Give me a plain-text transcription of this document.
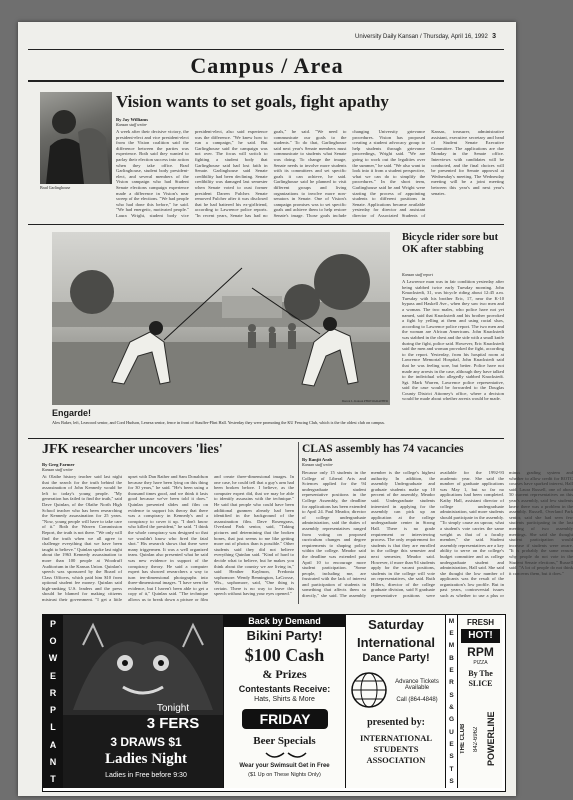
University Daily Kansan / Thursday, April 16, 1992 3
Campus / Area
Brad Garlinghouse
Vision wants to set goals, fight apathy
By Jay Williams
Kansan staff writer
A week after their decisive victory, the president-elect and vice president-elect from the Vision coalition said the difference between the parties was experience. Both said they wanted to parlay their election success into action when they take office. Brad Garlinghouse, student body president-elect, and several members of the Vision campaign who had Student Senate elections campaign experience made a difference in Vision's near sweep of the elections. "We had people who had done this before," he said. "We had energetic, motivated people." Laura Wright, student body vice president-elect, also said experience was the difference. "We knew how to run a campaign," he said. But Garlinghouse said the campaign was not over. The focus will switch to fighting a student body that Garlinghouse said had lost faith in Senate. Garlinghouse said Senate credibility had been declining. Senate credibility was damaged last semester when Senate voted to oust former president Darren Fulcher. Senate removed Fulcher after it was disclosed that he had battered his ex-girlfriend, according to Lawrence police reports. "In recent years, Senate has had no goals," he said. "We need to communicate our goals to the students." To do that, Garlinghouse said next year's Senate members must communicate to students what Senate was doing. To change the image, Senate needs to involve more students with its committees and set specific goals it can achieve, he said. Garlinghouse said he planned to visit different groups and living organizations to involve more non-senators in Senate. One of Vision's campaign promises was to set specific goals and achieve them to help restore Senate's image. Those goals include changing University grievance procedures. Vision has proposed creating a student advocacy group to help students through grievance proceedings, Wright said. "We are going to work out the legalities over the summer," he said. "We also want to look into it from a student perspective, what we can do to simplify the procedures." In the short term, Garlinghouse said he and Wright were starting the process of appointing students to different positions in Senate. Applications became available yesterday for director and assistant director of Associated Students of Kansas, treasurer, administrative assistant, executive secretary and head of Student Senate Executive Committee. The applications are due Monday in the Senate office. Interviews with candidates will be conducted, and the final choices will be presented for Senate approval at Wednesday's meeting. The Wednesday meeting will be a joint meeting between this year's and next year's senates.
Darren L. Kansan PHOTOGRAPHER
Engarde!
Alex Baker, left, Leawood senior, and Cord Hudson, Lenexa senior, fence in front of Stauffer-Flint Hall. Yesterday they were promoting the KU Fencing Club, which is the the oldest club on campus.
Bicycle rider sore but OK after stabbing
Kansan staff report
A Lawrence man was in fair condition yesterday after being stabbed twice early Tuesday morning. John Kmackstedt, 31, was bicycle riding about 12:45 a.m. Tuesday with his brother Eric, 17, near the K-10 bypass and Haskell Ave., when they saw two men and a woman. The two males, who police have not yet named, said that Knackstedt and his brother provoked a fight by yelling at them and using racial slurs, according to Lawrence police report. The two men and the woman are African Americans. John Knackstedt was stabbed in the chest and the side with a small knife during the fight, police said. However, Eric Knackstedt said the men and woman provoked the fight, according to the report. Yesterday, from his hospital room at Lawrence Memorial Hospital, John Knackstedt said that he was feeling sore, but better. Police have not made any arrests in the case, although they have talked to the individual who allegedly stabbed Knackstedt. Sgt. Mark Warren, Lawrence police representative, said the case would be forwarded to the Douglas County District Attorney's office, where a decision would be made about whether arrests would be made.
JFK researcher uncovers 'lies'
By Greg Farmer
Kansan staff writer
At Olathe history teacher said last night that the search for the truth behind the assassination of John Kennedy would be left to today's young people. "My generation has failed to find the truth," said Dave Quinlan, of the Olathe North High School teacher who has been researching the Kennedy assassination for 25 years. "Now, young people will have to take care of it." Both the Warren Commission Report, the truth is not there. "We only will find the truth when we all agree to challenge everything that we have been taught to believe." Quinlan spoke last night about the 1963 Kennedy assassination to more than 100 people at Woodruff Auditorium in the Kansas Union. Quinlan's speech was sponsored by the Board of Class Officers, which paid him $10 from optional student fee money. Quinlan said high-ranking U.S. leaders and the press should be blamed for making citizens mistrust their government. "I get a little upset with Dan Rather and Sam Donaldson because they have been lying on this thing for 30 years," he said. "He's been using a thousand times good, and we think it lasts good because we've been told it does." Quinlan presented slides and film on evidence to support his theory that there was a conspiracy in Kennedy's and a conspiracy to cover it up. "I don't know who killed the president," he said. "I think the whole conspiracy was designed so that we wouldn't know who fired the fatal shot." His research shows that there were many triggermen. It was a well organized team. Quinlan also presented what he said was new evidence in support of the conspiracy theory. He said a computer expert has showed researchers a way to turn ten-dimensional photographs into three-dimensional images. "I have seen the evidence, but I haven't been able to get a copy of it," Quinlan said. "The technique allows us to break down a picture or film and create three-dimensional images. In one case, he could tell that a guy's arm had been broken before. I believe, as the computer expert did, that we may be able to identify assassins with the technique." He said that people who could have been additional gunmen already had been identified in the background of the assassination film. Dave Rosengrass, Overland Park senior, said, "Taking pictures and determining that the broken bones, that just seems to me like getting more out of photos than is possible." Other students said they did not believe everything Quinlan said. "Kind of hard to decide what to believe, but he makes you think about the country we are living in," said Heather Kaylmon, Fredonia sophomore. Wendy Bennington, LaCrosse, Wis., sophomore, said, "One thing is certain. There is no way to leave this speech without having your eyes opened."
CLAS assembly has 74 vacancies
By Ranjit Arab
Kansan staff writer
Because only 15 students in the College of Liberal Arts and Sciences applied for the 94 undergraduate student representative positions in the College Assembly, the deadline for applications has been extended to April 24. Paul Meador, director of college undergraduate administration, said the duties of assembly representatives ranged from voting on proposed curriculum changes and degree requirements to shaping policy within the college. Meador said the deadline was extended past April 10 to encourage more student participation. "Some people, including me, are frustrated with the lack of interest and participation of students in something that affects them so directly," she said. The assembly member is the college's highest authority. In addition, the assembly Undergraduate and graduate students make up 10 percent of the assembly, Meador said. Undergraduate students interested in applying for the assembly can pick up an application at the college undergraduate center in Strong Hall. There is no grade requirement or interviewing process. The only requirement for students is that they are enrolled in the college this semester and next semester, Meador said. However, if more than 94 students apply for the vacant positions, students in the college will vote on representatives, she said. Ruth Hillers, director of the college graduate division, said 8 graduate representative positions were available for the 1992-93 academic year. She said the number of graduate applications was May 1, but so far no applications had been completed. Kathy Hall, assistant director of college undergraduate administration, said more students should participate in the assembly. "To simply cause an uproar, what a student's vote carries the same weight as that of a faculty member," she said. Student assembly representatives are a key ability to serve on the college's budget committee and as college undergraduate student and administration, Hall said. She said she thought the low number of applicants was the result of the organization's low profile. But in past years, controversial issues such as whether to use a plus or minus grading system and whether to allow credit for ROTC courses have sparked interest, Hall said. Laura Russell, one of about 50 current representatives on this year's assembly, said few students knew there was a problem in the assembly. Russell, Overland Park senior, said she had seen few students participating in the last meeting of two assembly meetings. She said she thought student participation would increase if students were aware. "It is probably the same reason why people do not vote in the Student Senate elections," Russell said. "A lot of people do not think it concerns them, but it does."
P
O
W
E
R
P
L
A
N
T
Tonight
3 FERS
3 DRAWS $1
Ladies Night
Ladies in Free before 9:30
Back by Demand
Bikini Party!
$100 Cash
& Prizes
Contestants Receive:
Hats, Shirts & More
FRIDAY
Beer Specials
Wear your Swimsuit Get in Free
($1 Up on These Nights Only)
Saturday
International
Dance Party!
Advance Tickets Available
Call (864-4848)
presented by:
INTERNATIONAL STUDENTS ASSOCIATION
M
E
M
B
E
R
S
&
G
U
E
S
T
S
FRESH
HOT!
RPM
PIZZA
By The
SLICE
THE CLUB	842-6962 POWERLINE
